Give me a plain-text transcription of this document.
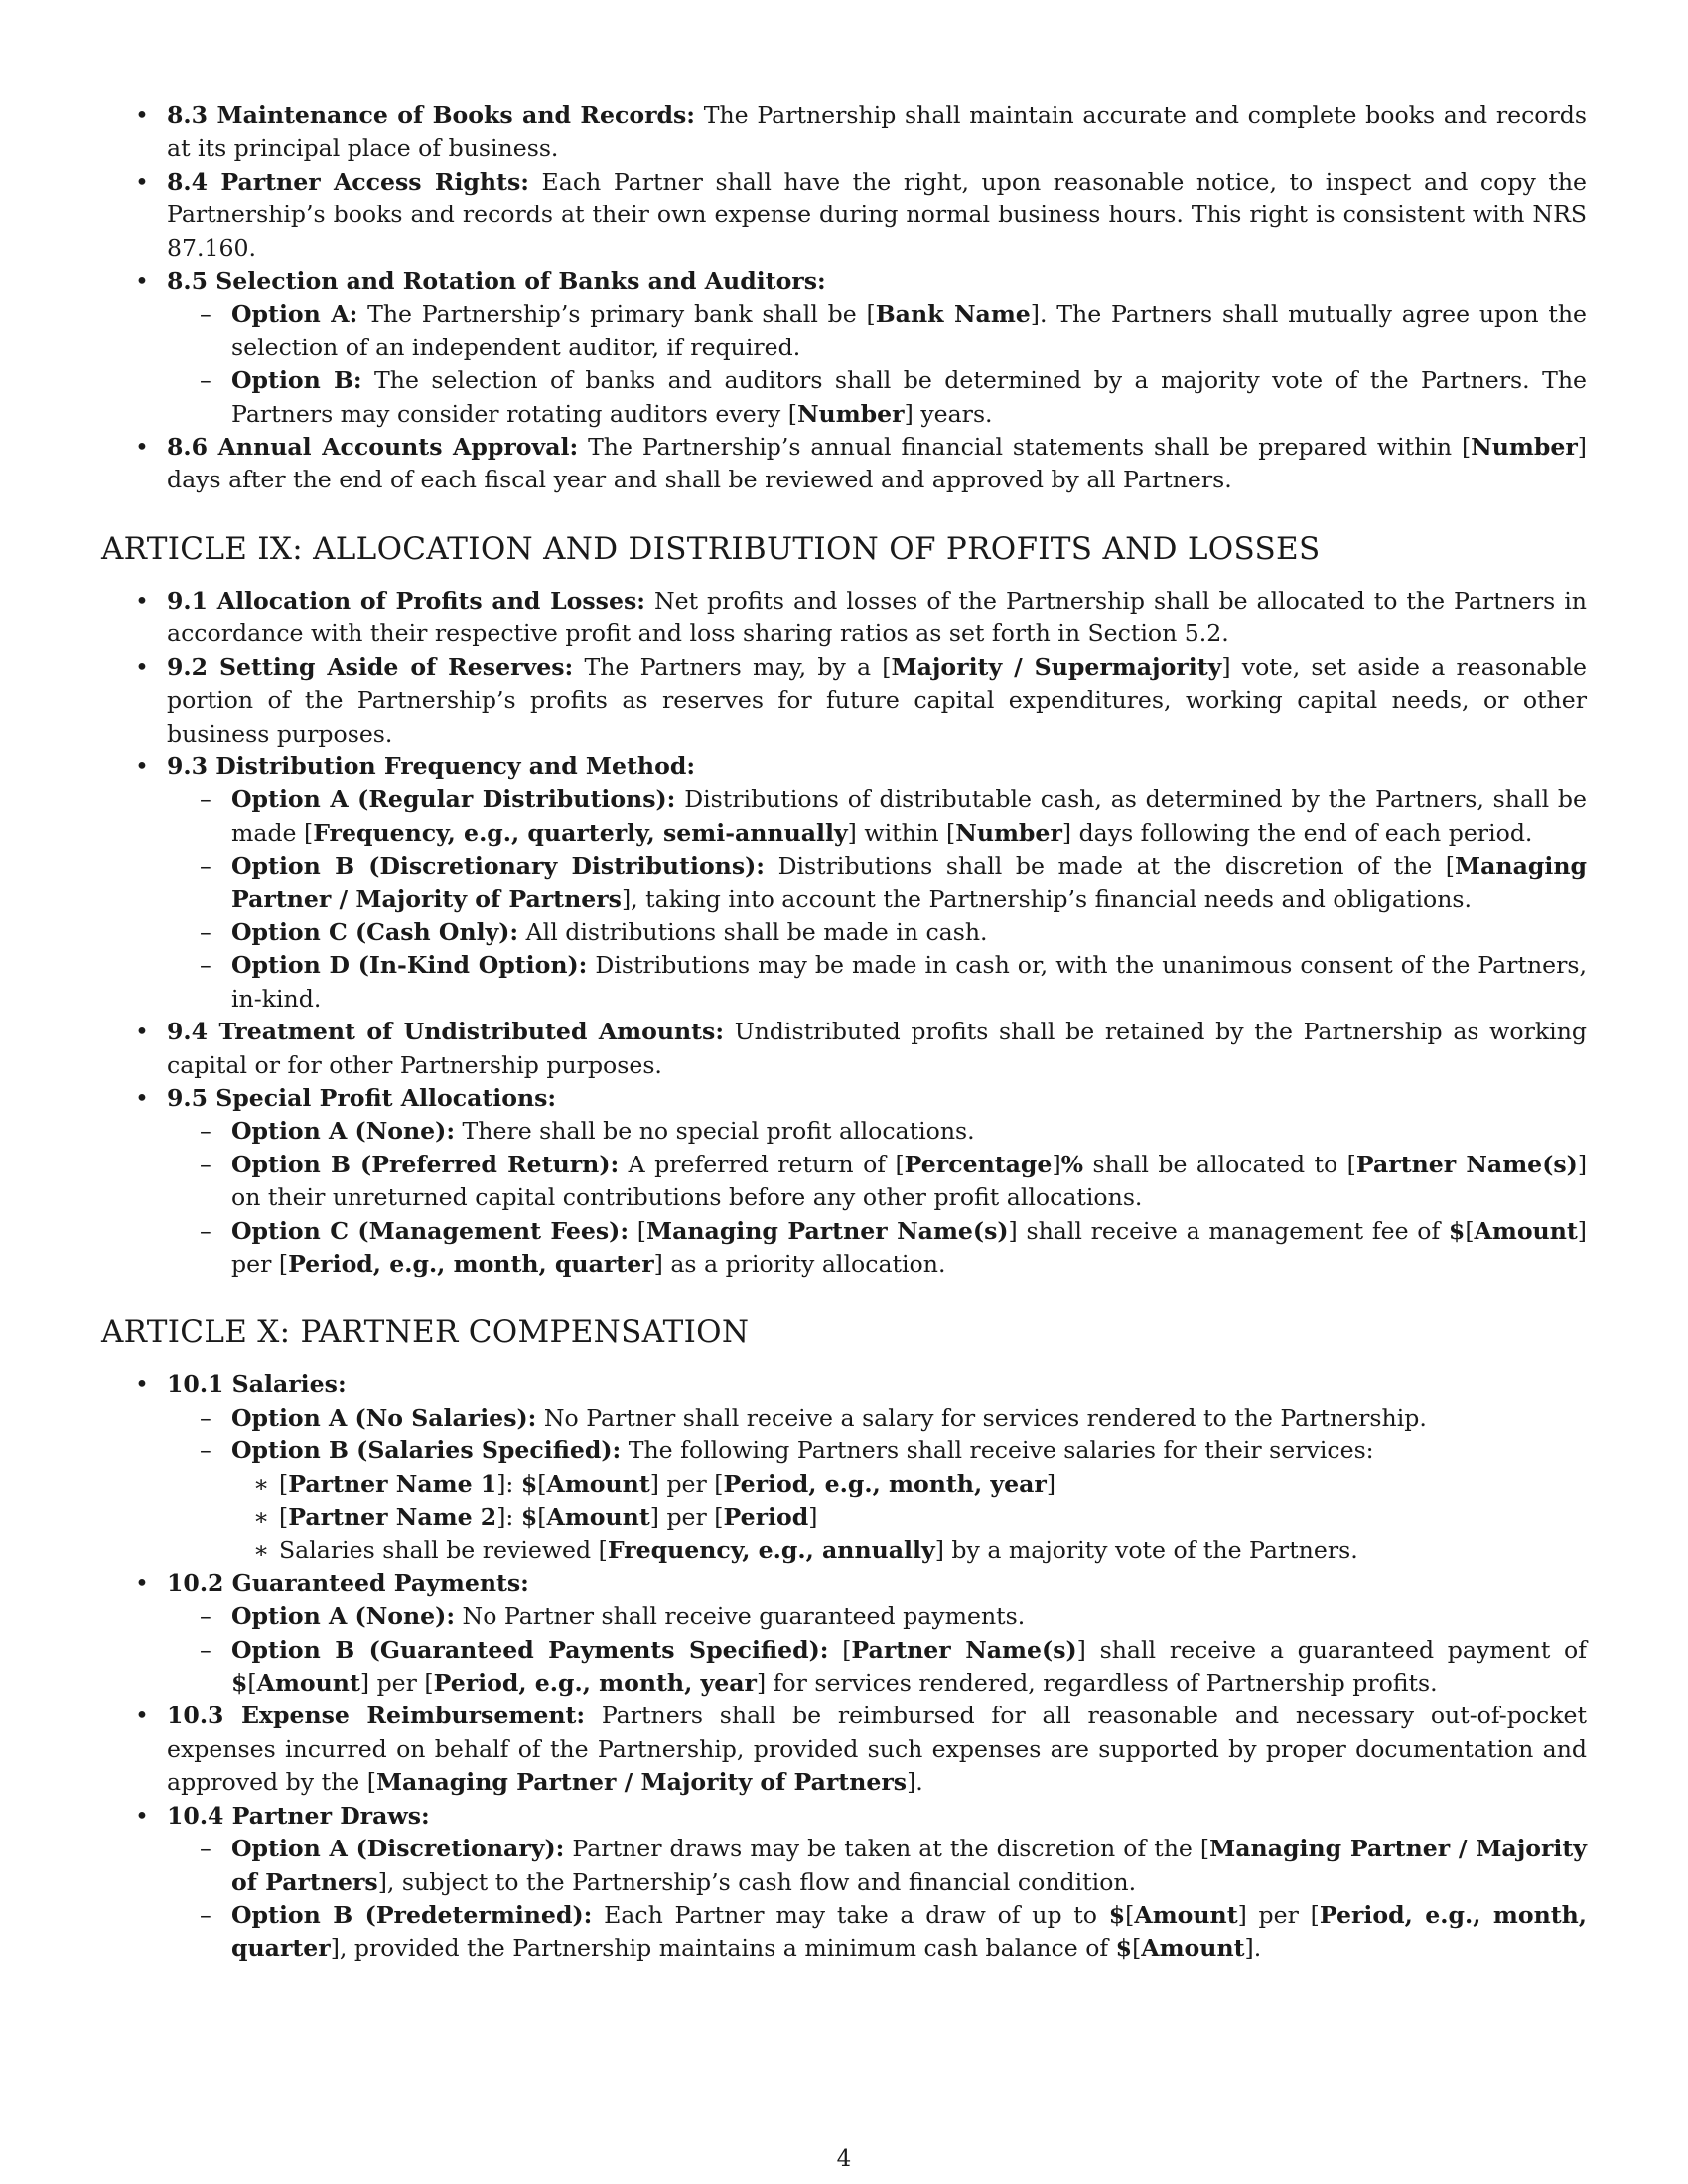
• 8.3 Maintenance of Books and Records: The Partnership shall maintain accurate and complete books and records at its principal place of business.
• 8.4 Partner Access Rights: Each Partner shall have the right, upon reasonable notice, to inspect and copy the Partnership’s books and records at their own expense during normal business hours. This right is consistent with NRS 87.160.
• 8.5 Selection and Rotation of Banks and Auditors:
– Option A: The Partnership’s primary bank shall be [Bank Name]. The Partners shall mutually agree upon the selection of an independent auditor, if required.
– Option B: The selection of banks and auditors shall be determined by a majority vote of the Partners. The Partners may consider rotating auditors every [Number] years.
• 8.6 Annual Accounts Approval: The Partnership’s annual financial statements shall be prepared within [Number] days after the end of each fiscal year and shall be reviewed and approved by all Partners.
ARTICLE IX: ALLOCATION AND DISTRIBUTION OF PROFITS AND LOSSES
• 9.1 Allocation of Profits and Losses: Net profits and losses of the Partnership shall be allocated to the Partners in accordance with their respective profit and loss sharing ratios as set forth in Section 5.2.
• 9.2 Setting Aside of Reserves: The Partners may, by a [Majority / Supermajority] vote, set aside a reasonable portion of the Partnership’s profits as reserves for future capital expenditures, working capital needs, or other business purposes.
• 9.3 Distribution Frequency and Method:
– Option A (Regular Distributions): Distributions of distributable cash, as determined by the Partners, shall be made [Frequency, e.g., quarterly, semi-annually] within [Number] days following the end of each period.
– Option B (Discretionary Distributions): Distributions shall be made at the discretion of the [Managing Partner / Majority of Partners], taking into account the Partnership’s financial needs and obligations.
– Option C (Cash Only): All distributions shall be made in cash.
– Option D (In-Kind Option): Distributions may be made in cash or, with the unanimous consent of the Partners, in-kind.
• 9.4 Treatment of Undistributed Amounts: Undistributed profits shall be retained by the Partnership as working capital or for other Partnership purposes.
• 9.5 Special Profit Allocations:
– Option A (None): There shall be no special profit allocations.
– Option B (Preferred Return): A preferred return of [Percentage]% shall be allocated to [Partner Name(s)] on their unreturned capital contributions before any other profit allocations.
– Option C (Management Fees): [Managing Partner Name(s)] shall receive a management fee of $[Amount] per [Period, e.g., month, quarter] as a priority allocation.
ARTICLE X: PARTNER COMPENSATION
• 10.1 Salaries:
– Option A (No Salaries): No Partner shall receive a salary for services rendered to the Partnership.
– Option B (Salaries Specified): The following Partners shall receive salaries for their services:
∗ [Partner Name 1]: $[Amount] per [Period, e.g., month, year]
∗ [Partner Name 2]: $[Amount] per [Period]
∗ Salaries shall be reviewed [Frequency, e.g., annually] by a majority vote of the Partners.
• 10.2 Guaranteed Payments:
– Option A (None): No Partner shall receive guaranteed payments.
– Option B (Guaranteed Payments Specified): [Partner Name(s)] shall receive a guaranteed payment of $[Amount] per [Period, e.g., month, year] for services rendered, regardless of Partnership profits.
• 10.3 Expense Reimbursement: Partners shall be reimbursed for all reasonable and necessary out-of-pocket expenses incurred on behalf of the Partnership, provided such expenses are supported by proper documentation and approved by the [Managing Partner / Majority of Partners].
• 10.4 Partner Draws:
– Option A (Discretionary): Partner draws may be taken at the discretion of the [Managing Partner / Majority of Partners], subject to the Partnership’s cash flow and financial condition.
– Option B (Predetermined): Each Partner may take a draw of up to $[Amount] per [Period, e.g., month, quarter], provided the Partnership maintains a minimum cash balance of $[Amount].
4
